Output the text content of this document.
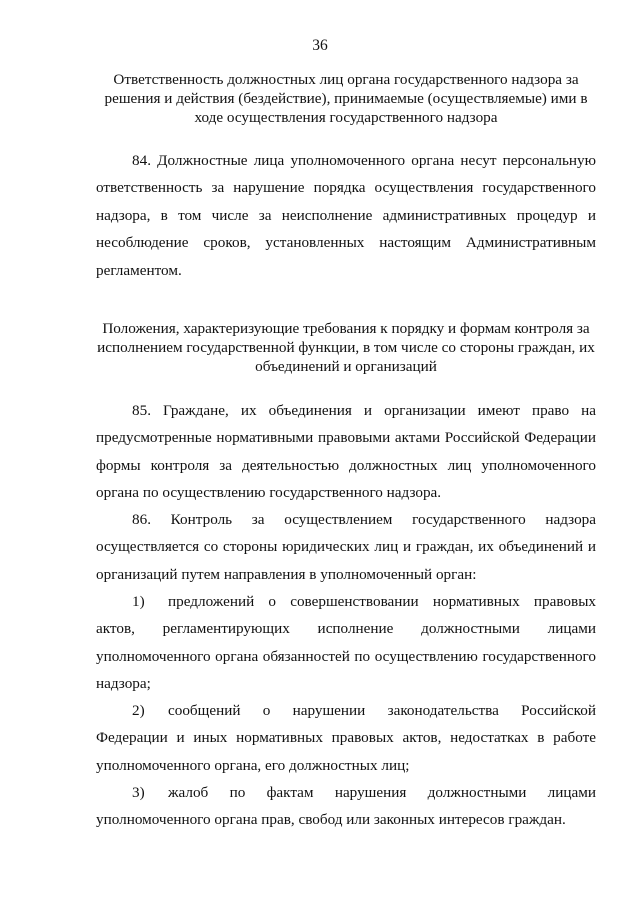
36
Ответственность должностных лиц органа государственного надзора за решения и действия (бездействие), принимаемые (осуществляемые) ими в ходе осуществления государственного надзора

84. Должностные лица уполномоченного органа несут персональную ответственность за нарушение порядка осуществления государственного надзора, в том числе за неисполнение административных процедур и несоблюдение сроков, установленных настоящим Административным регламентом.

Положения, характеризующие требования к порядку и формам контроля за исполнением государственной функции, в том числе со стороны граждан, их объединений и организаций

85. Граждане, их объединения и организации имеют право на предусмотренные нормативными правовыми актами Российской Федерации формы контроля за деятельностью должностных лиц уполномоченного органа по осуществлению государственного надзора.

86. Контроль за осуществлением государственного надзора осуществляется со стороны юридических лиц и граждан, их объединений и организаций путем направления в уполномоченный орган:

1) предложений о совершенствовании нормативных правовых актов, регламентирующих исполнение должностными лицами уполномоченного органа обязанностей по осуществлению государственного надзора;

2) сообщений о нарушении законодательства Российской Федерации и иных нормативных правовых актов, недостатках в работе уполномоченного органа, его должностных лиц;

3) жалоб по фактам нарушения должностными лицами уполномоченного органа прав, свобод или законных интересов граждан.
